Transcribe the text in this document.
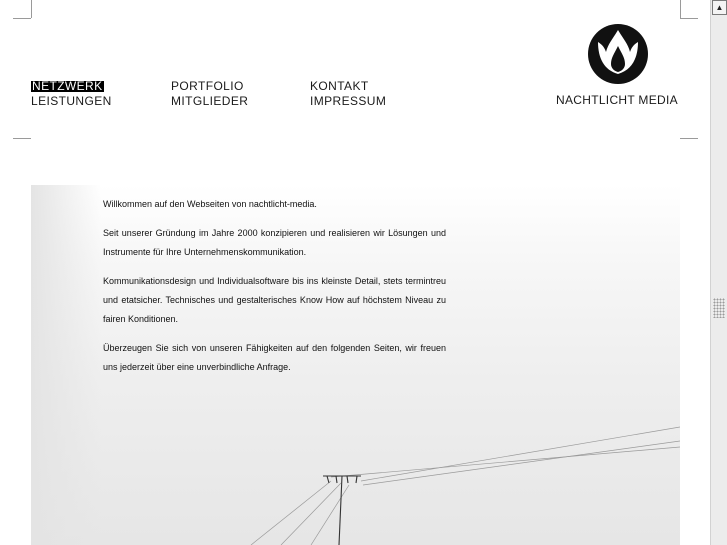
NETZWERK
LEISTUNGEN
PORTFOLIO
MITGLIEDER
KONTAKT
IMPRESSUM	NACHTLICHT MEDIA

Willkommen auf den Webseiten von nachtlicht-media.

Seit unserer Gründung im Jahre 2000 konzipieren und realisieren wir Lösungen und Instrumente für Ihre Unternehmenskommunikation.

Kommunikationsdesign und Individualsoftware bis ins kleinste Detail, stets termintreu und etatsicher. Technisches und gestalterisches Know How auf höchstem Niveau zu fairen Konditionen.

Überzeugen Sie sich von unseren Fähigkeiten auf den folgenden Seiten, wir freuen uns jederzeit über eine unverbindliche Anfrage.

▲
